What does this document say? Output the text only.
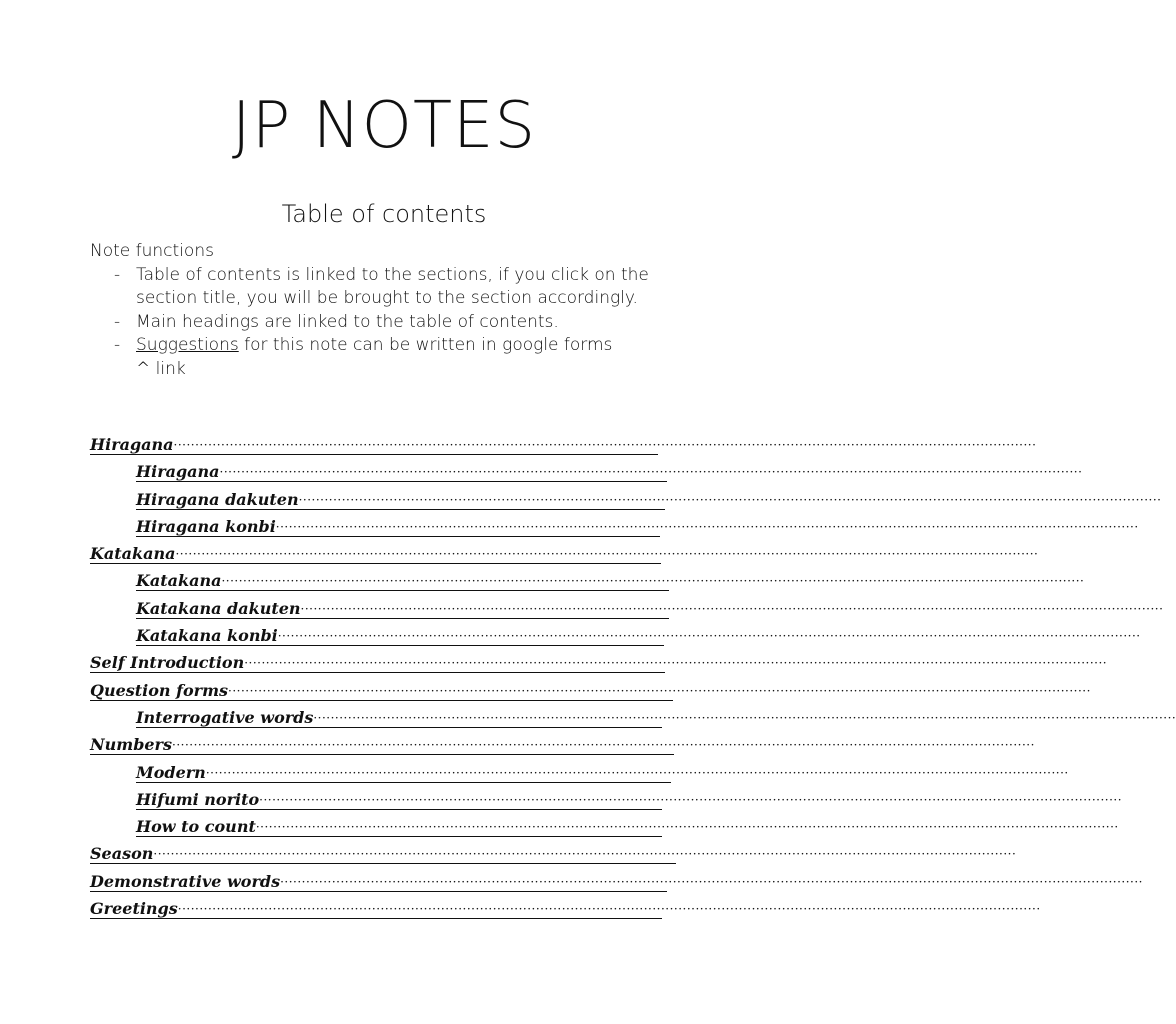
JP NOTES
Table of contents
Note functions
- Table of contents is linked to the sections, if you click on the section title, you will be brought to the section accordingly.
- Main headings are linked to the table of contents.
- Suggestions for this note can be written in google forms
^ link
Hiragana ········································································································································································································
Hiragana ········································································································································································································
Hiragana dakuten ········································································································································································································
Hiragana konbi ········································································································································································································
Katakana ········································································································································································································
Katakana ········································································································································································································
Katakana dakuten ········································································································································································································
Katakana konbi ········································································································································································································
Self Introduction ········································································································································································································
Question forms ········································································································································································································
Interrogative words ········································································································································································································
Numbers ········································································································································································································
Modern ········································································································································································································
Hifumi norito ········································································································································································································
How to count ········································································································································································································
Season ········································································································································································································
Demonstrative words ········································································································································································································
Greetings ········································································································································································································
